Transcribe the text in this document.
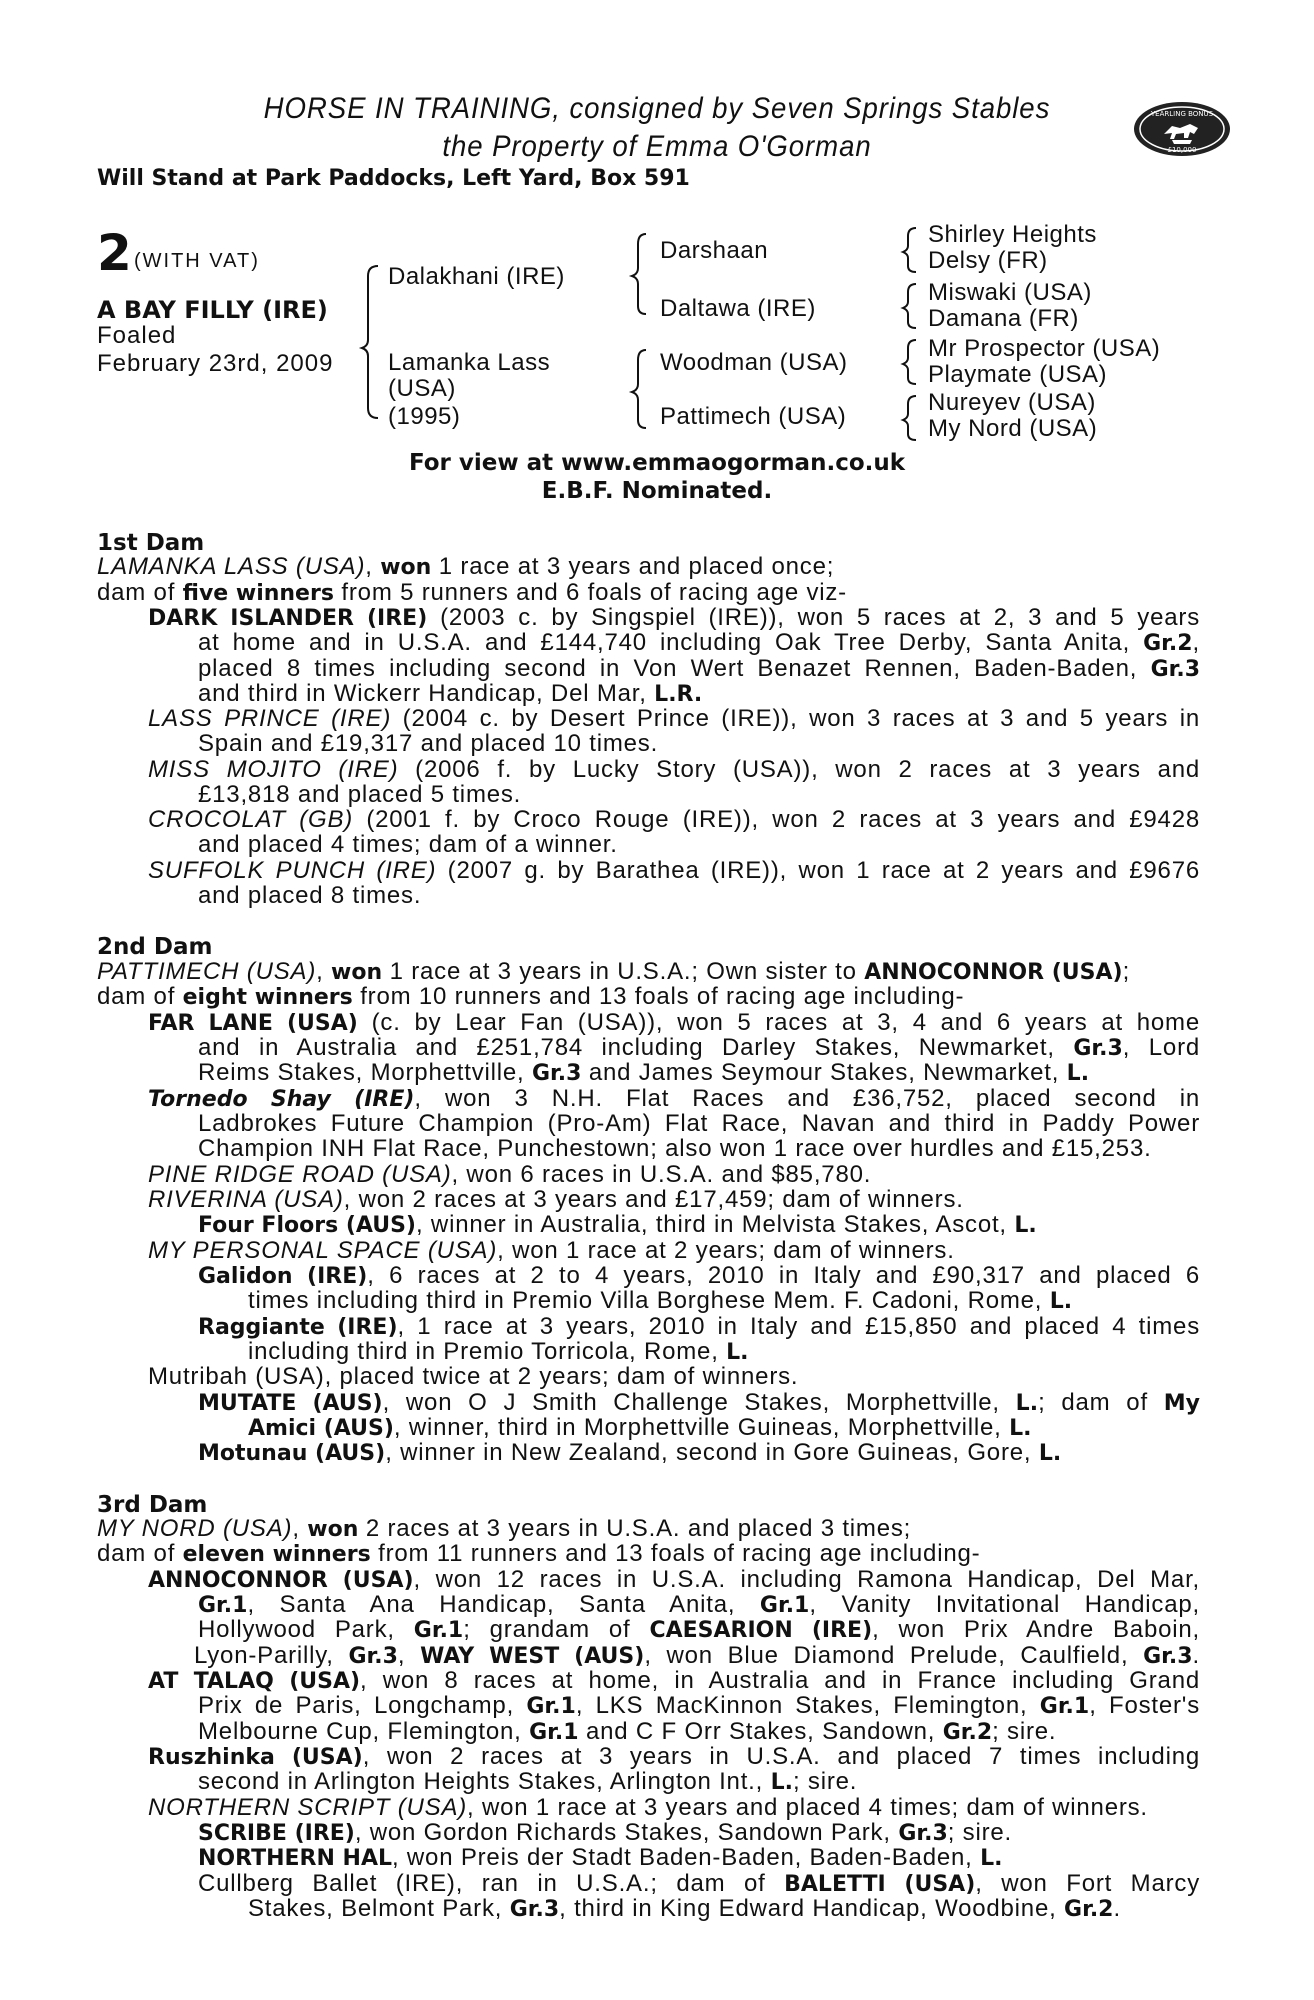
HORSE IN TRAINING, consigned by Seven Springs Stables
the Property of Emma O'Gorman
Will Stand at Park Paddocks, Left Yard, Box 591
YEARLING BONUS
£10,000
2 (WITH VAT)
A BAY FILLY (IRE)
Foaled
February 23rd, 2009
Dalakhani (IRE)
Lamanka Lass
(USA)
(1995)
Darshaan
Daltawa (IRE)
Woodman (USA)
Pattimech (USA)
Shirley Heights
Delsy (FR)
Miswaki (USA)
Damana (FR)
Mr Prospector (USA)
Playmate (USA)
Nureyev (USA)
My Nord (USA)
For view at www.emmaogorman.co.uk
E.B.F. Nominated.
1st Dam
LAMANKA LASS (USA), won 1 race at 3 years and placed once;
dam of five winners from 5 runners and 6 foals of racing age viz-
DARK ISLANDER (IRE) (2003 c. by Singspiel (IRE)), won 5 races at 2, 3 and 5 years
at home and in U.S.A. and £144,740 including Oak Tree Derby, Santa Anita, Gr.2,
placed 8 times including second in Von Wert Benazet Rennen, Baden-Baden, Gr.3
and third in Wickerr Handicap, Del Mar, L.R.
LASS PRINCE (IRE) (2004 c. by Desert Prince (IRE)), won 3 races at 3 and 5 years in
Spain and £19,317 and placed 10 times.
MISS MOJITO (IRE) (2006 f. by Lucky Story (USA)), won 2 races at 3 years and
£13,818 and placed 5 times.
CROCOLAT (GB) (2001 f. by Croco Rouge (IRE)), won 2 races at 3 years and £9428
and placed 4 times; dam of a winner.
SUFFOLK PUNCH (IRE) (2007 g. by Barathea (IRE)), won 1 race at 2 years and £9676
and placed 8 times.
2nd Dam
PATTIMECH (USA), won 1 race at 3 years in U.S.A.; Own sister to ANNOCONNOR (USA);
dam of eight winners from 10 runners and 13 foals of racing age including-
FAR LANE (USA) (c. by Lear Fan (USA)), won 5 races at 3, 4 and 6 years at home
and in Australia and £251,784 including Darley Stakes, Newmarket, Gr.3, Lord
Reims Stakes, Morphettville, Gr.3 and James Seymour Stakes, Newmarket, L.
Tornedo Shay (IRE), won 3 N.H. Flat Races and £36,752, placed second in
Ladbrokes Future Champion (Pro-Am) Flat Race, Navan and third in Paddy Power
Champion INH Flat Race, Punchestown; also won 1 race over hurdles and £15,253.
PINE RIDGE ROAD (USA), won 6 races in U.S.A. and $85,780.
RIVERINA (USA), won 2 races at 3 years and £17,459; dam of winners.
Four Floors (AUS), winner in Australia, third in Melvista Stakes, Ascot, L.
MY PERSONAL SPACE (USA), won 1 race at 2 years; dam of winners.
Galidon (IRE), 6 races at 2 to 4 years, 2010 in Italy and £90,317 and placed 6
times including third in Premio Villa Borghese Mem. F. Cadoni, Rome, L.
Raggiante (IRE), 1 race at 3 years, 2010 in Italy and £15,850 and placed 4 times
including third in Premio Torricola, Rome, L.
Mutribah (USA), placed twice at 2 years; dam of winners.
MUTATE (AUS), won O J Smith Challenge Stakes, Morphettville, L.; dam of My
Amici (AUS), winner, third in Morphettville Guineas, Morphettville, L.
Motunau (AUS), winner in New Zealand, second in Gore Guineas, Gore, L.
3rd Dam
MY NORD (USA), won 2 races at 3 years in U.S.A. and placed 3 times;
dam of eleven winners from 11 runners and 13 foals of racing age including-
ANNOCONNOR (USA), won 12 races in U.S.A. including Ramona Handicap, Del Mar,
Gr.1, Santa Ana Handicap, Santa Anita, Gr.1, Vanity Invitational Handicap,
Hollywood Park, Gr.1; grandam of CAESARION (IRE), won Prix Andre Baboin,
Lyon-Parilly, Gr.3, WAY WEST (AUS), won Blue Diamond Prelude, Caulfield, Gr.3.
AT TALAQ (USA), won 8 races at home, in Australia and in France including Grand
Prix de Paris, Longchamp, Gr.1, LKS MacKinnon Stakes, Flemington, Gr.1, Foster's
Melbourne Cup, Flemington, Gr.1 and C F Orr Stakes, Sandown, Gr.2; sire.
Ruszhinka (USA), won 2 races at 3 years in U.S.A. and placed 7 times including
second in Arlington Heights Stakes, Arlington Int., L.; sire.
NORTHERN SCRIPT (USA), won 1 race at 3 years and placed 4 times; dam of winners.
SCRIBE (IRE), won Gordon Richards Stakes, Sandown Park, Gr.3; sire.
NORTHERN HAL, won Preis der Stadt Baden-Baden, Baden-Baden, L.
Cullberg Ballet (IRE), ran in U.S.A.; dam of BALETTI (USA), won Fort Marcy
Stakes, Belmont Park, Gr.3, third in King Edward Handicap, Woodbine, Gr.2.
